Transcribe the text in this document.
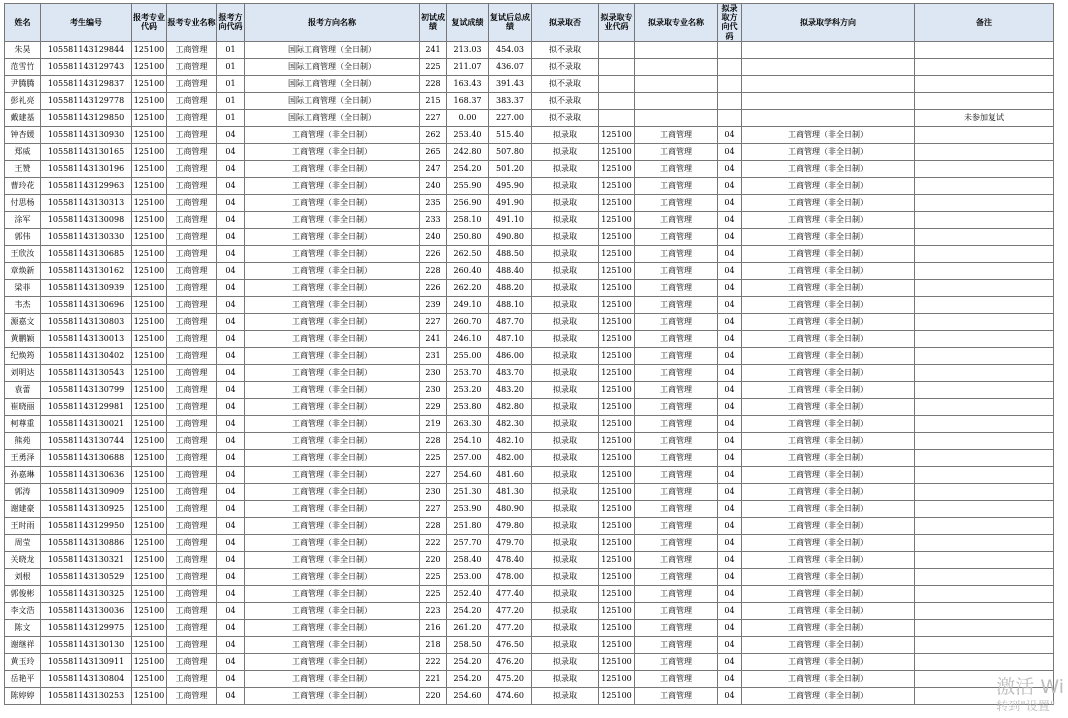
姓名	考生编号	报考专业代码	报考专业名称	报考方向代码	报考方向名称	初试成绩	复试成绩	复试后总成绩	拟录取否	拟录取专业代码	拟录取专业名称	拟录取方向代码	拟录取学科方向	备注
朱昊	105581143129844	125100	工商管理	01	国际工商管理（全日制）	241	213.03	454.03	拟不录取					
范雪竹	105581143129743	125100	工商管理	01	国际工商管理（全日制）	225	211.07	436.07	拟不录取					
尹腾腾	105581143129837	125100	工商管理	01	国际工商管理（全日制）	228	163.43	391.43	拟不录取					
彭礼亮	105581143129778	125100	工商管理	01	国际工商管理（全日制）	215	168.37	383.37	拟不录取					
戴建基	105581143129850	125100	工商管理	01	国际工商管理（全日制）	227	0.00	227.00	拟不录取					未参加复试
钟杏媛	105581143130930	125100	工商管理	04	工商管理（非全日制）	262	253.40	515.40	拟录取	125100	工商管理	04	工商管理（非全日制）	
郑威	105581143130165	125100	工商管理	04	工商管理（非全日制）	265	242.80	507.80	拟录取	125100	工商管理	04	工商管理（非全日制）	
王赞	105581143130196	125100	工商管理	04	工商管理（非全日制）	247	254.20	501.20	拟录取	125100	工商管理	04	工商管理（非全日制）	
曹玲花	105581143129963	125100	工商管理	04	工商管理（非全日制）	240	255.90	495.90	拟录取	125100	工商管理	04	工商管理（非全日制）	
付思杨	105581143130313	125100	工商管理	04	工商管理（非全日制）	235	256.90	491.90	拟录取	125100	工商管理	04	工商管理（非全日制）	
涂军	105581143130098	125100	工商管理	04	工商管理（非全日制）	233	258.10	491.10	拟录取	125100	工商管理	04	工商管理（非全日制）	
郭伟	105581143130330	125100	工商管理	04	工商管理（非全日制）	240	250.80	490.80	拟录取	125100	工商管理	04	工商管理（非全日制）	
王欣汝	105581143130685	125100	工商管理	04	工商管理（非全日制）	226	262.50	488.50	拟录取	125100	工商管理	04	工商管理（非全日制）	
章焕新	105581143130162	125100	工商管理	04	工商管理（非全日制）	228	260.40	488.40	拟录取	125100	工商管理	04	工商管理（非全日制）	
梁菲	105581143130939	125100	工商管理	04	工商管理（非全日制）	226	262.20	488.20	拟录取	125100	工商管理	04	工商管理（非全日制）	
韦杰	105581143130696	125100	工商管理	04	工商管理（非全日制）	239	249.10	488.10	拟录取	125100	工商管理	04	工商管理（非全日制）	
源嘉文	105581143130803	125100	工商管理	04	工商管理（非全日制）	227	260.70	487.70	拟录取	125100	工商管理	04	工商管理（非全日制）	
黄鹏颖	105581143130013	125100	工商管理	04	工商管理（非全日制）	241	246.10	487.10	拟录取	125100	工商管理	04	工商管理（非全日制）	
纪焕筠	105581143130402	125100	工商管理	04	工商管理（非全日制）	231	255.00	486.00	拟录取	125100	工商管理	04	工商管理（非全日制）	
刘明达	105581143130543	125100	工商管理	04	工商管理（非全日制）	230	253.70	483.70	拟录取	125100	工商管理	04	工商管理（非全日制）	
袁蕾	105581143130799	125100	工商管理	04	工商管理（非全日制）	230	253.20	483.20	拟录取	125100	工商管理	04	工商管理（非全日制）	
崔晓丽	105581143129981	125100	工商管理	04	工商管理（非全日制）	229	253.80	482.80	拟录取	125100	工商管理	04	工商管理（非全日制）	
柯尊重	105581143130021	125100	工商管理	04	工商管理（非全日制）	219	263.30	482.30	拟录取	125100	工商管理	04	工商管理（非全日制）	
熊苑	105581143130744	125100	工商管理	04	工商管理（非全日制）	228	254.10	482.10	拟录取	125100	工商管理	04	工商管理（非全日制）	
王勇泽	105581143130688	125100	工商管理	04	工商管理（非全日制）	225	257.00	482.00	拟录取	125100	工商管理	04	工商管理（非全日制）	
孙嘉琳	105581143130636	125100	工商管理	04	工商管理（非全日制）	227	254.60	481.60	拟录取	125100	工商管理	04	工商管理（非全日制）	
郭涛	105581143130909	125100	工商管理	04	工商管理（非全日制）	230	251.30	481.30	拟录取	125100	工商管理	04	工商管理（非全日制）	
谢建豪	105581143130925	125100	工商管理	04	工商管理（非全日制）	227	253.90	480.90	拟录取	125100	工商管理	04	工商管理（非全日制）	
王时雨	105581143129950	125100	工商管理	04	工商管理（非全日制）	228	251.80	479.80	拟录取	125100	工商管理	04	工商管理（非全日制）	
周莹	105581143130886	125100	工商管理	04	工商管理（非全日制）	222	257.70	479.70	拟录取	125100	工商管理	04	工商管理（非全日制）	
关晓龙	105581143130321	125100	工商管理	04	工商管理（非全日制）	220	258.40	478.40	拟录取	125100	工商管理	04	工商管理（非全日制）	
刘根	105581143130529	125100	工商管理	04	工商管理（非全日制）	225	253.00	478.00	拟录取	125100	工商管理	04	工商管理（非全日制）	
郭俊彬	105581143130325	125100	工商管理	04	工商管理（非全日制）	225	252.40	477.40	拟录取	125100	工商管理	04	工商管理（非全日制）	
李文浩	105581143130036	125100	工商管理	04	工商管理（非全日制）	223	254.20	477.20	拟录取	125100	工商管理	04	工商管理（非全日制）	
陈文	105581143129975	125100	工商管理	04	工商管理（非全日制）	216	261.20	477.20	拟录取	125100	工商管理	04	工商管理（非全日制）	
谢继祥	105581143130130	125100	工商管理	04	工商管理（非全日制）	218	258.50	476.50	拟录取	125100	工商管理	04	工商管理（非全日制）	
黄玉玲	105581143130911	125100	工商管理	04	工商管理（非全日制）	222	254.20	476.20	拟录取	125100	工商管理	04	工商管理（非全日制）	
岳艳平	105581143130804	125100	工商管理	04	工商管理（非全日制）	221	254.20	475.20	拟录取	125100	工商管理	04	工商管理（非全日制）	
陈婷婷	105581143130253	125100	工商管理	04	工商管理（非全日制）	220	254.60	474.60	拟录取	125100	工商管理	04	工商管理（非全日制）		激活 Wi
转到"设置"
